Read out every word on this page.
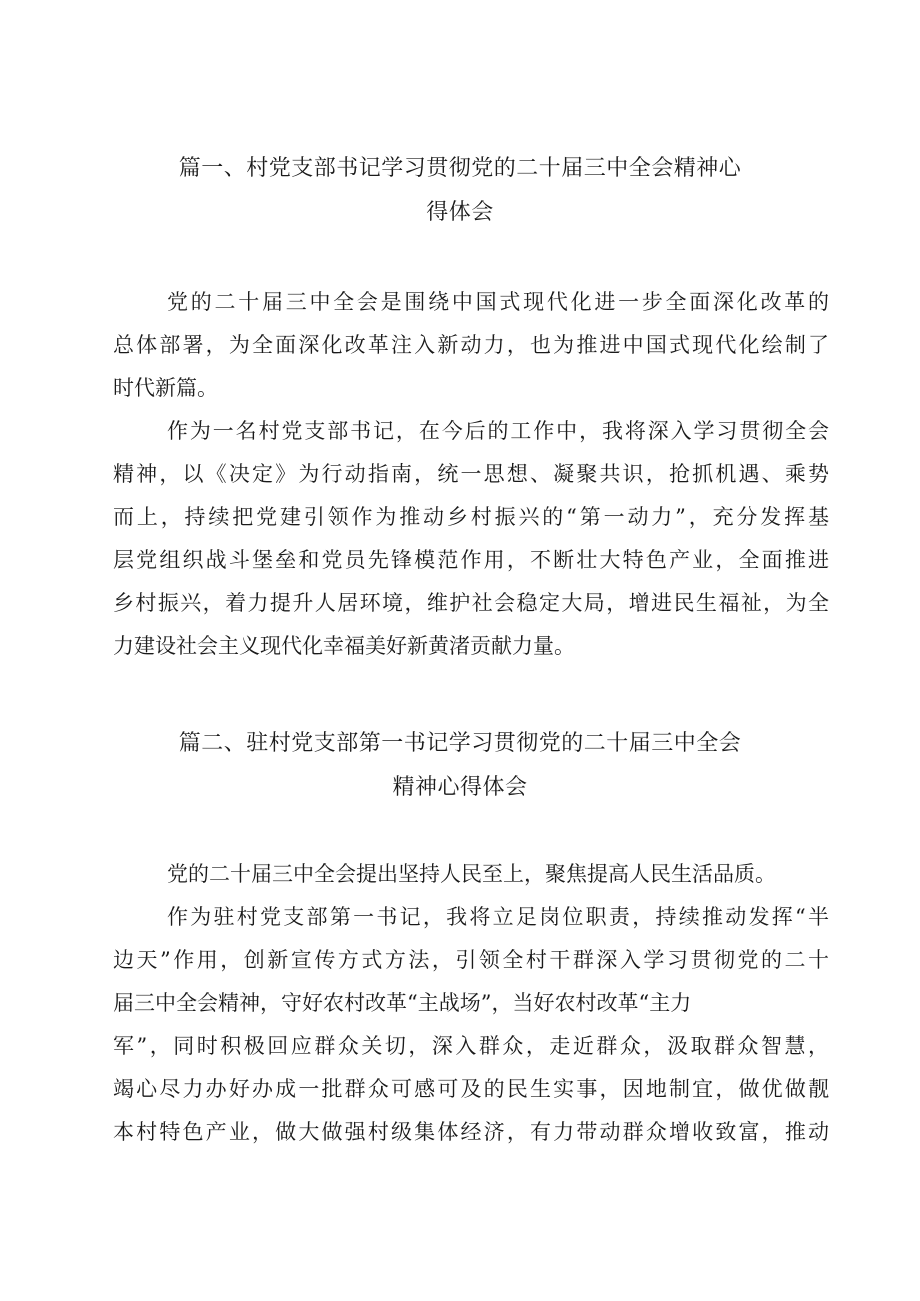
篇一、村党支部书记学习贯彻党的二十届三中全会精神心
得体会
党的二十届三中全会是围绕中国式现代化进一步全面深化改革的
总体部署，为全面深化改革注入新动力，也为推进中国式现代化绘制了
时代新篇。
作为一名村党支部书记，在今后的工作中，我将深入学习贯彻全会
精神，以《决定》为行动指南，统一思想、凝聚共识，抢抓机遇、乘势
而上，持续把党建引领作为推动乡村振兴的“第一动力”，充分发挥基
层党组织战斗堡垒和党员先锋模范作用，不断壮大特色产业，全面推进
乡村振兴，着力提升人居环境，维护社会稳定大局，增进民生福祉，为全
力建设社会主义现代化幸福美好新黄渚贡献力量。
篇二、驻村党支部第一书记学习贯彻党的二十届三中全会
精神心得体会
党的二十届三中全会提出坚持人民至上，聚焦提高人民生活品质。
作为驻村党支部第一书记，我将立足岗位职责，持续推动发挥“半
边天”作用，创新宣传方式方法，引领全村干群深入学习贯彻党的二十
届三中全会精神，守好农村改革“主战场”，当好农村改革“主力
军”，同时积极回应群众关切，深入群众，走近群众，汲取群众智慧，
竭心尽力办好办成一批群众可感可及的民生实事，因地制宜，做优做靓
本村特色产业，做大做强村级集体经济，有力带动群众增收致富，推动
